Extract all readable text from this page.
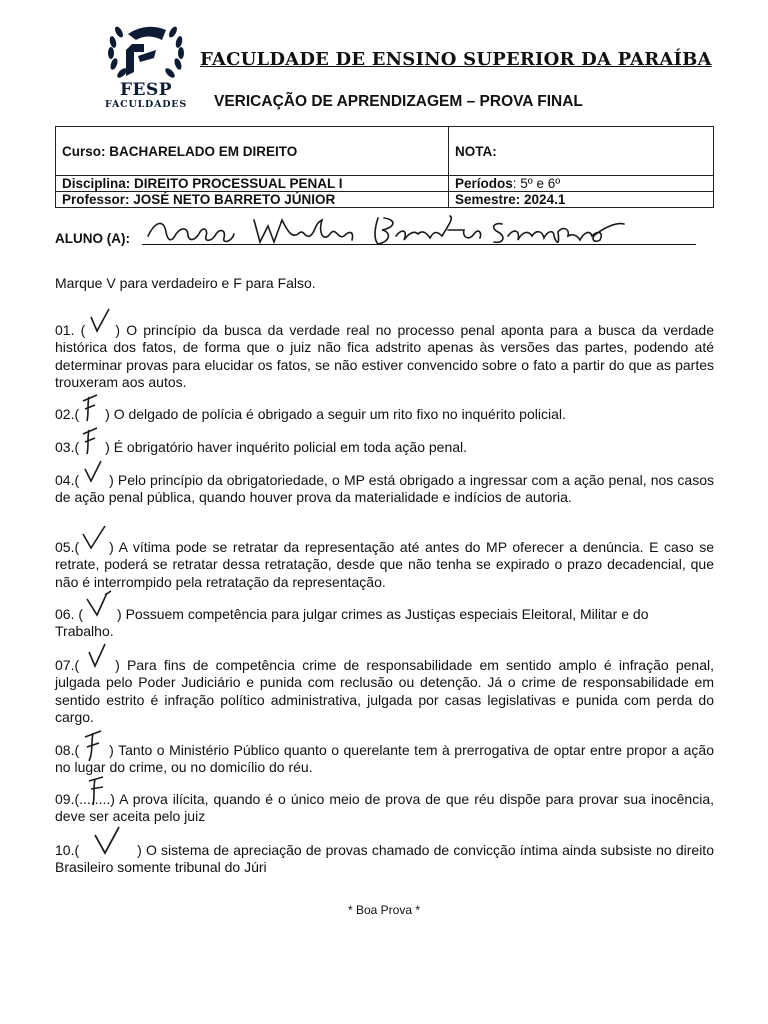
FESP
FACULDADES
FACULDADE DE ENSINO SUPERIOR DA PARAÍBA
VERICAÇÃO DE APRENDIZAGEM – PROVA FINAL
Curso: BACHARELADO EM DIREITO	NOTA:
Disciplina: DIREITO PROCESSUAL PENAL I	Períodos: 5º e 6º
Professor: JOSÉ NETO BARRETO JÚNIOR	Semestre: 2024.1
ALUNO (A):
Marque V para verdadeiro e F para Falso.
01. ( ) O princípio da busca da verdade real no processo penal aponta para a busca da verdade histórica dos fatos, de forma que o juiz não fica adstrito apenas às versões das partes, podendo até determinar provas para elucidar os fatos, se não estiver convencido sobre o fato a partir do que as partes trouxeram aos autos.
02.( ) O delgado de polícia é obrigado a seguir um rito fixo no inquérito policial.
03.( ) É obrigatório haver inquérito policial em toda ação penal.
04.( ) Pelo princípio da obrigatoriedade, o MP está obrigado a ingressar com a ação penal, nos casos de ação penal pública, quando houver prova da materialidade e indícios de autoria.
05.( ) A vítima pode se retratar da representação até antes do MP oferecer a denúncia. E caso se retrate, poderá se retratar dessa retratação, desde que não tenha se expirado o prazo decadencial, que não é interrompido pela retratação da representação.
06. ( ) Possuem competência para julgar crimes as Justiças especiais Eleitoral, Militar e do Trabalho.
07.(	) Para fins de competência crime de responsabilidade em sentido amplo é infração penal, julgada pelo Poder Judiciário e punida com reclusão ou detenção. Já o crime de responsabilidade em sentido estrito é infração político administrativa, julgada por casas legislativas e punida com perda do cargo.
08.( ) Tanto o Ministério Público quanto o querelante tem à prerrogativa de optar entre propor a ação no lugar do crime, ou no domicílio do réu.
09.(........
) A prova ilícita, quando é o único meio de prova de que réu dispõe para provar sua inocência, deve ser aceita pelo juiz
10.(	) O sistema de apreciação de provas chamado de convicção íntima ainda subsiste no direito Brasileiro somente tribunal do Júri
* Boa Prova *
